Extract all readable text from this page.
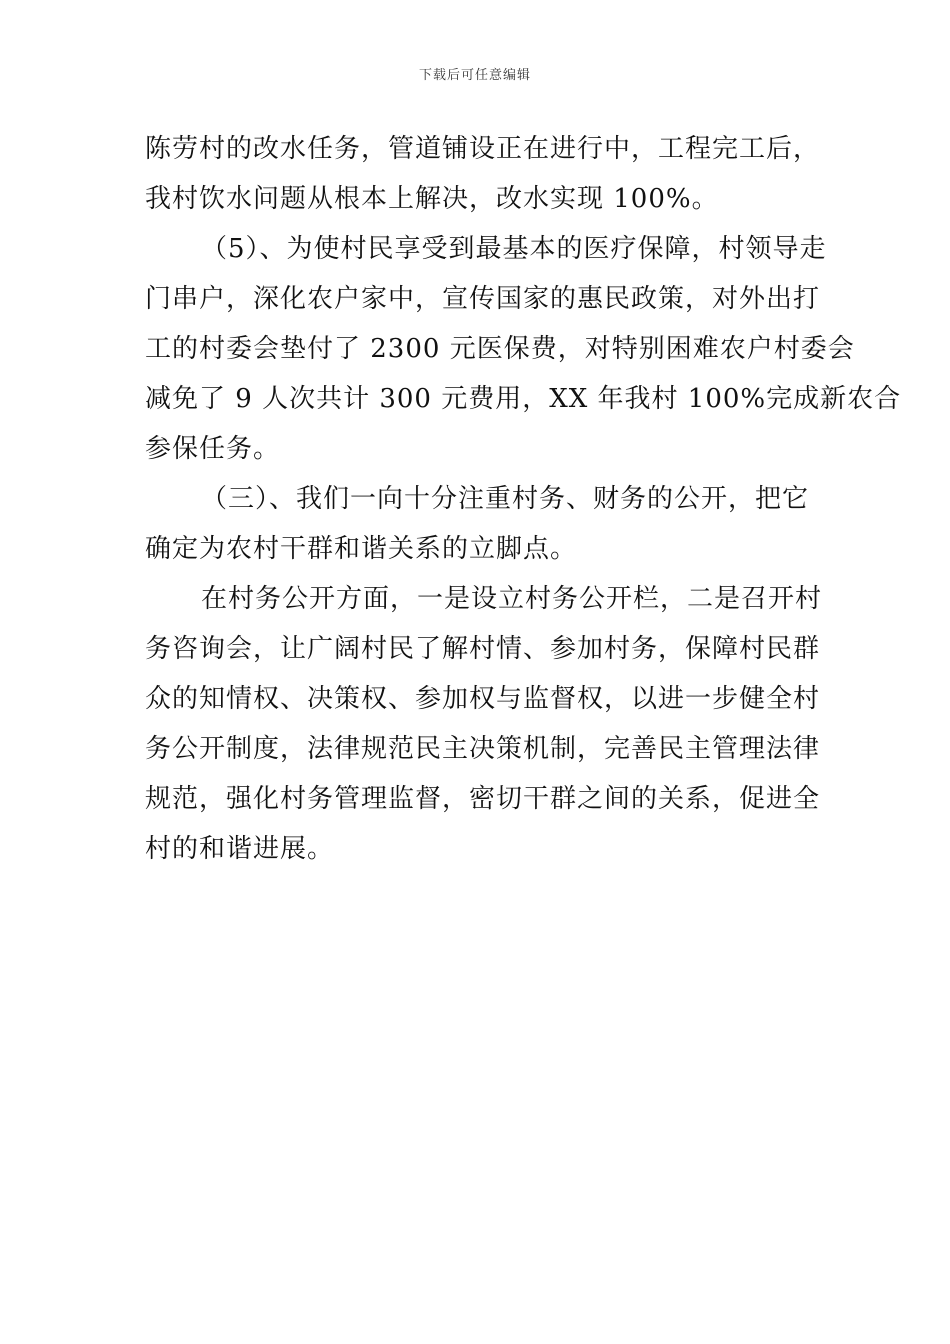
下载后可任意编辑
陈劳村的改水任务，管道铺设正在进行中，工程完工后，
我村饮水问题从根本上解决，改水实现 100%。
（5）、为使村民享受到最基本的医疗保障，村领导走
门串户，深化农户家中，宣传国家的惠民政策，对外出打
工的村委会垫付了 2300 元医保费，对特别困难农户村委会
减免了 9 人次共计 300 元费用，XX 年我村 100%完成新农合
参保任务。
（三）、我们一向十分注重村务、财务的公开，把它
确定为农村干群和谐关系的立脚点。
在村务公开方面，一是设立村务公开栏，二是召开村
务咨询会，让广阔村民了解村情、参加村务，保障村民群
众的知情权、决策权、参加权与监督权，以进一步健全村
务公开制度，法律规范民主决策机制，完善民主管理法律
规范，强化村务管理监督，密切干群之间的关系，促进全
村的和谐进展。
